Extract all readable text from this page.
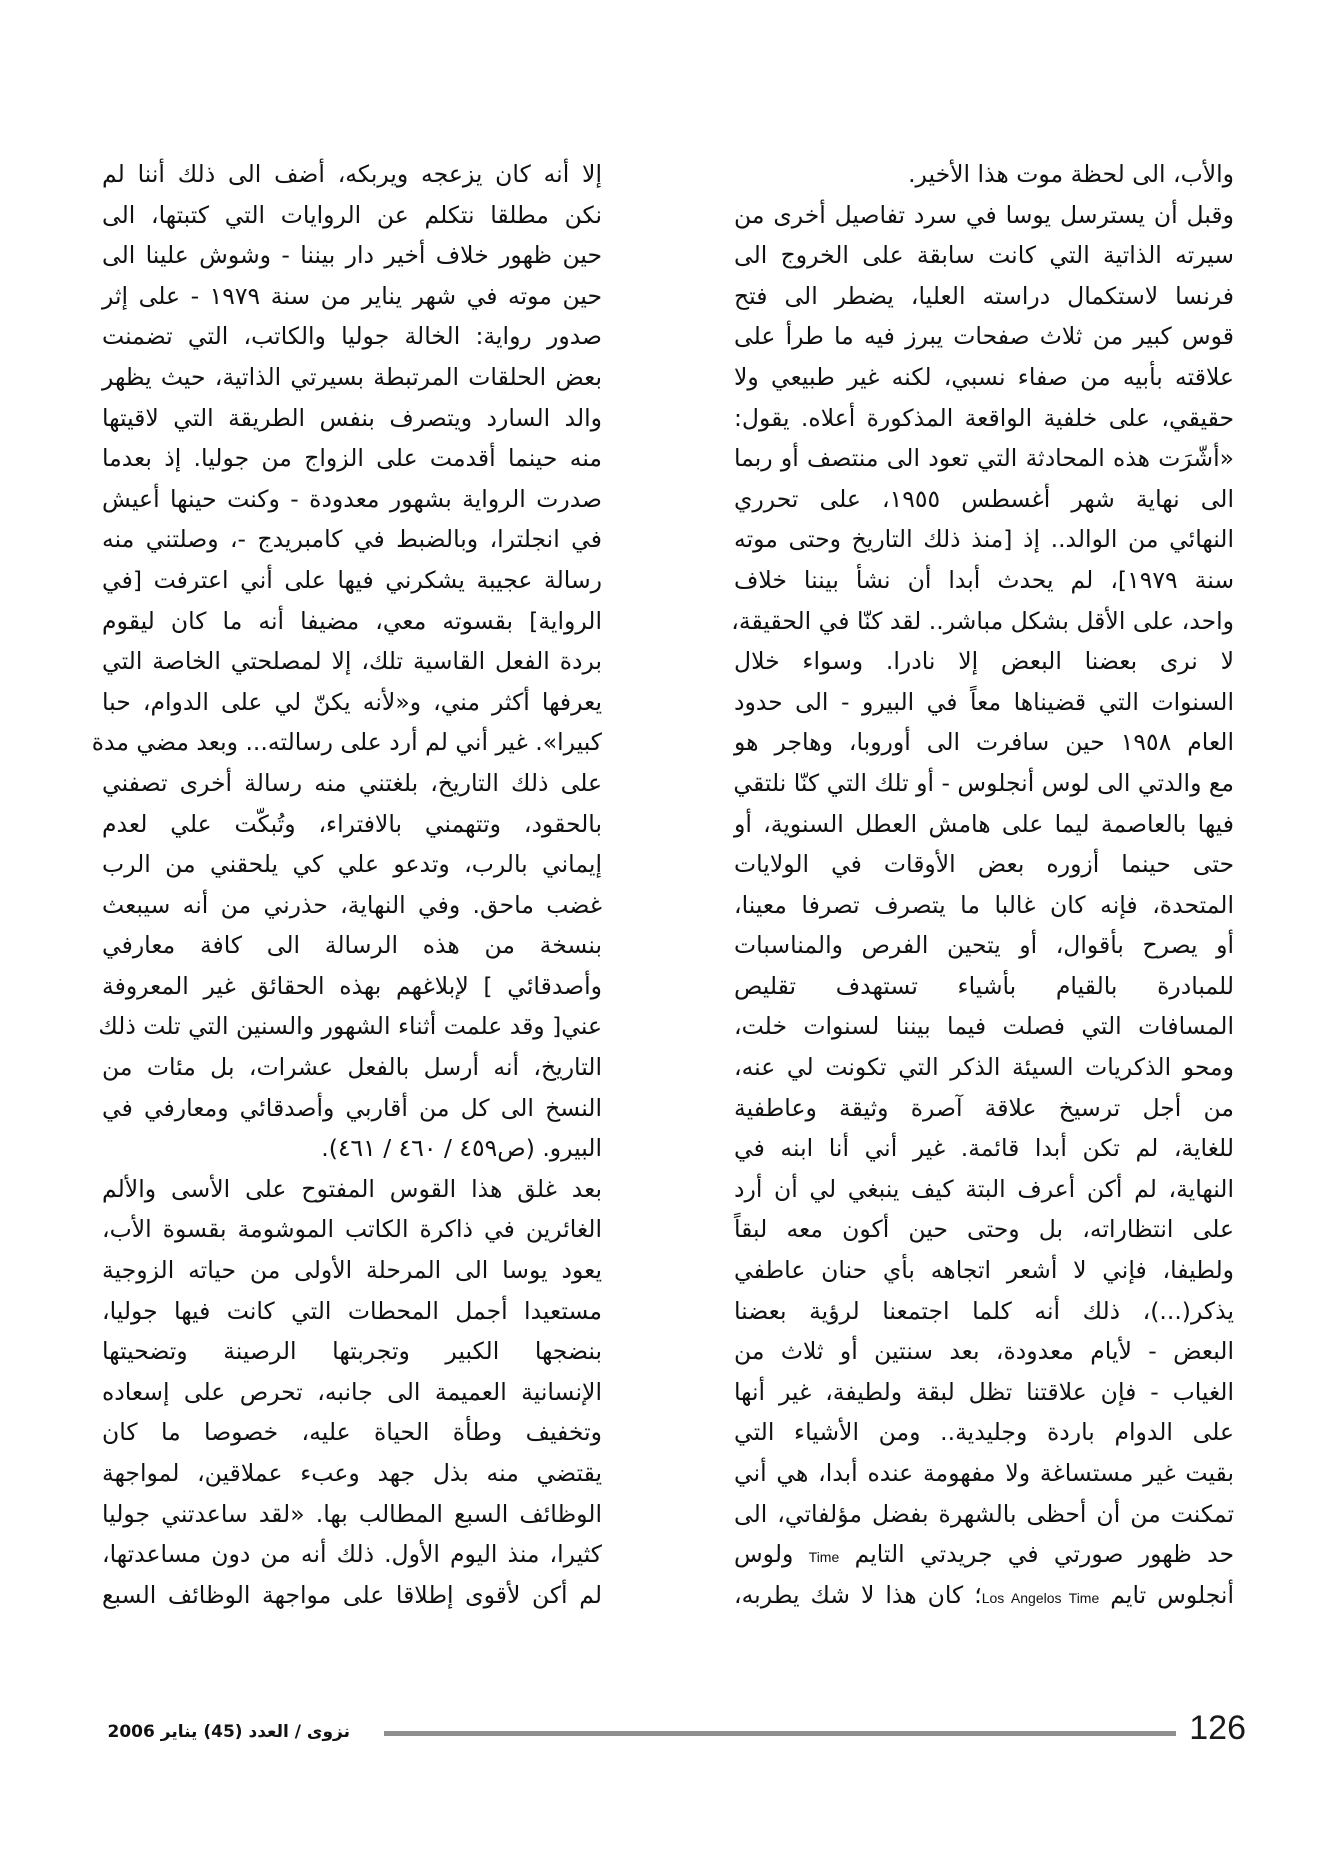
والأب، الى لحظة موت هذا الأخير.
وقبل أن يسترسل يوسا في سرد تفاصيل أخرى من
سيرته الذاتية التي كانت سابقة على الخروج الى
فرنسا لاستكمال دراسته العليا، يضطر الى فتح
قوس كبير من ثلاث صفحات يبرز فيه ما طرأ على
علاقته بأبيه من صفاء نسبي، لكنه غير طبيعي ولا
حقيقي، على خلفية الواقعة المذكورة أعلاه. يقول:
«أشّرَت هذه المحادثة التي تعود الى منتصف أو ربما
الى نهاية شهر أغسطس ١٩٥٥، على تحرري
النهائي من الوالد.. إذ [منذ ذلك التاريخ وحتى موته
سنة ١٩٧٩]، لم يحدث أبدا أن نشأ بيننا خلاف
واحد، على الأقل بشكل مباشر.. لقد كنّا في الحقيقة،
لا نرى بعضنا البعض إلا نادرا. وسواء خلال
السنوات التي قضيناها معاً في البيرو - الى حدود
العام ١٩٥٨ حين سافرت الى أوروبا، وهاجر هو
مع والدتي الى لوس أنجلوس - أو تلك التي كنّا نلتقي
فيها بالعاصمة ليما على هامش العطل السنوية، أو
حتى حينما أزوره بعض الأوقات في الولايات
المتحدة، فإنه كان غالبا ما يتصرف تصرفا معينا،
أو يصرح بأقوال، أو يتحين الفرص والمناسبات
للمبادرة بالقيام بأشياء تستهدف تقليص
المسافات التي فصلت فيما بيننا لسنوات خلت،
ومحو الذكريات السيئة الذكر التي تكونت لي عنه،
من أجل ترسيخ علاقة آصرة وثيقة وعاطفية
للغاية، لم تكن أبدا قائمة. غير أني أنا ابنه في
النهاية، لم أكن أعرف البتة كيف ينبغي لي أن أرد
على انتظاراته، بل وحتى حين أكون معه لبقاً
ولطيفا، فإني لا أشعر اتجاهه بأي حنان عاطفي
يذكر(...)، ذلك أنه كلما اجتمعنا لرؤية بعضنا
البعض - لأيام معدودة، بعد سنتين أو ثلاث من
الغياب - فإن علاقتنا تظل لبقة ولطيفة، غير أنها
على الدوام باردة وجليدية.. ومن الأشياء التي
بقيت غير مستساغة ولا مفهومة عنده أبدا، هي أني
تمكنت من أن أحظى بالشهرة بفضل مؤلفاتي، الى
حد ظهور صورتي في جريدتي التايم Time ولوس
أنجلوس تايم Los Angelos Time؛ كان هذا لا شك يطربه،
إلا أنه كان يزعجه ويربكه، أضف الى ذلك أننا لم
نكن مطلقا نتكلم عن الروايات التي كتبتها، الى
حين ظهور خلاف أخير دار بيننا - وشوش علينا الى
حين موته في شهر يناير من سنة ١٩٧٩ - على إثر
صدور رواية: الخالة جوليا والكاتب، التي تضمنت
بعض الحلقات المرتبطة بسيرتي الذاتية، حيث يظهر
والد السارد ويتصرف بنفس الطريقة التي لاقيتها
منه حينما أقدمت على الزواج من جوليا. إذ بعدما
صدرت الرواية بشهور معدودة - وكنت حينها أعيش
في انجلترا، وبالضبط في كامبريدج -، وصلتني منه
رسالة عجيبة يشكرني فيها على أني اعترفت [في
الرواية] بقسوته معي، مضيفا أنه ما كان ليقوم
بردة الفعل القاسية تلك، إلا لمصلحتي الخاصة التي
يعرفها أكثر مني، و«لأنه يكنّ لي على الدوام، حبا
كبيرا». غير أني لم أرد على رسالته... وبعد مضي مدة
على ذلك التاريخ، بلغتني منه رسالة أخرى تصفني
بالحقود، وتتهمني بالافتراء، وتُبكّت علي لعدم
إيماني بالرب، وتدعو علي كي يلحقني من الرب
غضب ماحق. وفي النهاية، حذرني من أنه سيبعث
بنسخة من هذه الرسالة الى كافة معارفي
وأصدقائي ] لإبلاغهم بهذه الحقائق غير المعروفة
عني[ وقد علمت أثناء الشهور والسنين التي تلت ذلك
التاريخ، أنه أرسل بالفعل عشرات، بل مئات من
النسخ الى كل من أقاربي وأصدقائي ومعارفي في
البيرو. (ص٤٥٩ / ٤٦٠ / ٤٦١).
بعد غلق هذا القوس المفتوح على الأسى والألم
الغائرين في ذاكرة الكاتب الموشومة بقسوة الأب،
يعود يوسا الى المرحلة الأولى من حياته الزوجية
مستعيدا أجمل المحطات التي كانت فيها جوليا،
بنضجها الكبير وتجربتها الرصينة وتضحيتها
الإنسانية العميمة الى جانبه، تحرص على إسعاده
وتخفيف وطأة الحياة عليه، خصوصا ما كان
يقتضي منه بذل جهد وعبء عملاقين، لمواجهة
الوظائف السبع المطالب بها. «لقد ساعدتني جوليا
كثيرا، منذ اليوم الأول. ذلك أنه من دون مساعدتها،
لم أكن لأقوى إطلاقا على مواجهة الوظائف السبع
نزوى / العدد (45) يناير 2006	126
